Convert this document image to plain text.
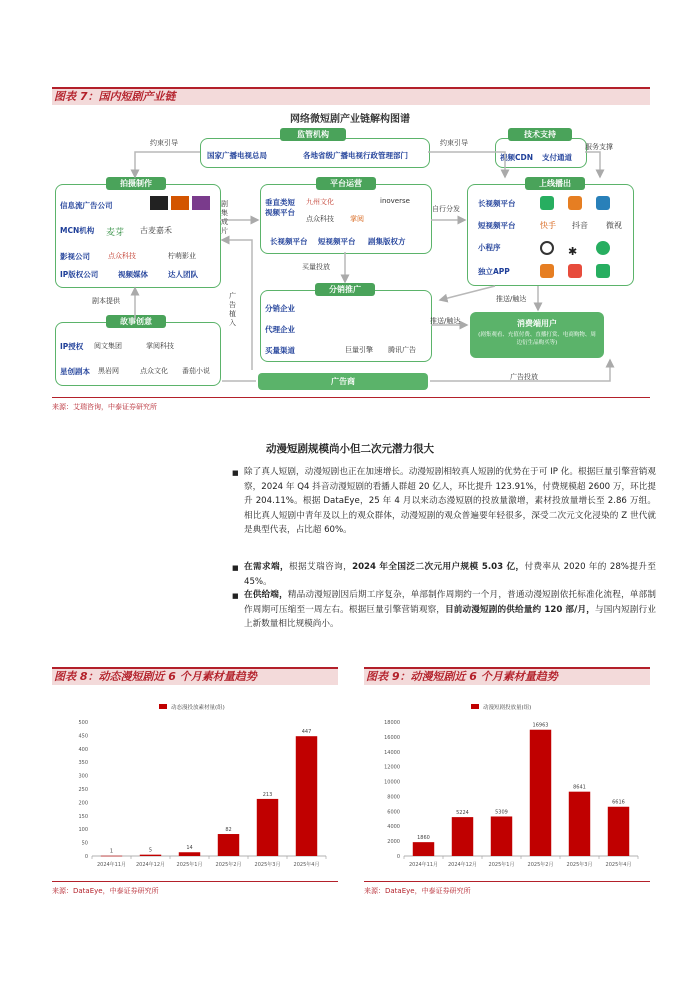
图表 7：国内短剧产业链
网络微短剧产业链解构图谱
监管机构
国家广播电视总局	各地省级广播电视行政管理部门
技术支持
视频CDN 支付通道
拍摄制作
信息流广告公司
MCN机构
影视公司
IP版权公司	视频媒体	达人团队
麦芽 古麦嘉禾
点众科技	柠萌影业
平台运营
垂直类短视频平台
长视频平台 短视频平台 剧集版权方
九州文化
点众科技 掌阅
inoverse
上线播出
长视频平台
短视频平台
小程序
独立APP
快手 抖音 微视
✱
故事创意
IP授权
星创剧本
阅文集团	掌阅科技
黑岩网	点众文化 番茄小说
分销推广
分销企业
代理企业
买量渠道	巨量引擎 腾讯广告
消费端用户
(剧集观看、充值付费、直播打赏、电商购物、周边衍生品购买等)
广告商
约束引导	约束引导	服务支撑
剧集成片
自行分发
买量投放
剧本提供
广告植入	推送/触达
推送/触达
广告投放
来源：艾瑞咨询，中泰证券研究所
动漫短剧规模尚小但二次元潜力很大
■ 除了真人短剧，动漫短剧也正在加速增长。动漫短剧相较真人短剧的优势在于可 IP 化。根据巨量引擎营销观察，2024 年 Q4 抖音动漫短剧的看播人群超 20 亿人，环比提升 123.91%，付费规模超 2600 万，环比提升 204.11%。根据 DataEye，25 年 4 月以来动态漫短剧的投放量激增，素材投放量增长至 2.86 万组。相比真人短剧中青年及以上的观众群体，动漫短剧的观众普遍要年轻很多，深受二次元文化浸染的 Z 世代就是典型代表，占比超 60%。
■ 在需求端，根据艾瑞咨询，2024 年全国泛二次元用户规模 5.03 亿，付费率从 2020 年的 28%提升至 45%。
■ 在供给端，精品动漫短剧因后期工序复杂，单部制作周期约一个月，普通动漫短剧依托标准化流程，单部制作周期可压缩至一周左右。根据巨量引擎营销观察，目前动漫短剧的供给量约 120 部/月，与国内短剧行业上新数量相比规模尚小。
图表 8：动态漫短剧近 6 个月素材量趋势	图表 9：动漫短剧近 6 个月素材量趋势
动态漫投放素材量(组)
0
50
100
150
200
250
300
350
400
450
500
1
2024年11月
5
2024年12月
14
2025年1月
82
2025年2月
213
2025年3月
447
2025年4月
动漫短剧投放量(组)
0
2000
4000
6000
8000
10000
12000
14000
16000
18000
1860
2024年11月
5224
2024年12月
5309
2025年1月
16963
2025年2月
8641
2025年3月
6616
2025年4月
来源：DataEye，中泰证券研究所	来源：DataEye，中泰证券研究所
